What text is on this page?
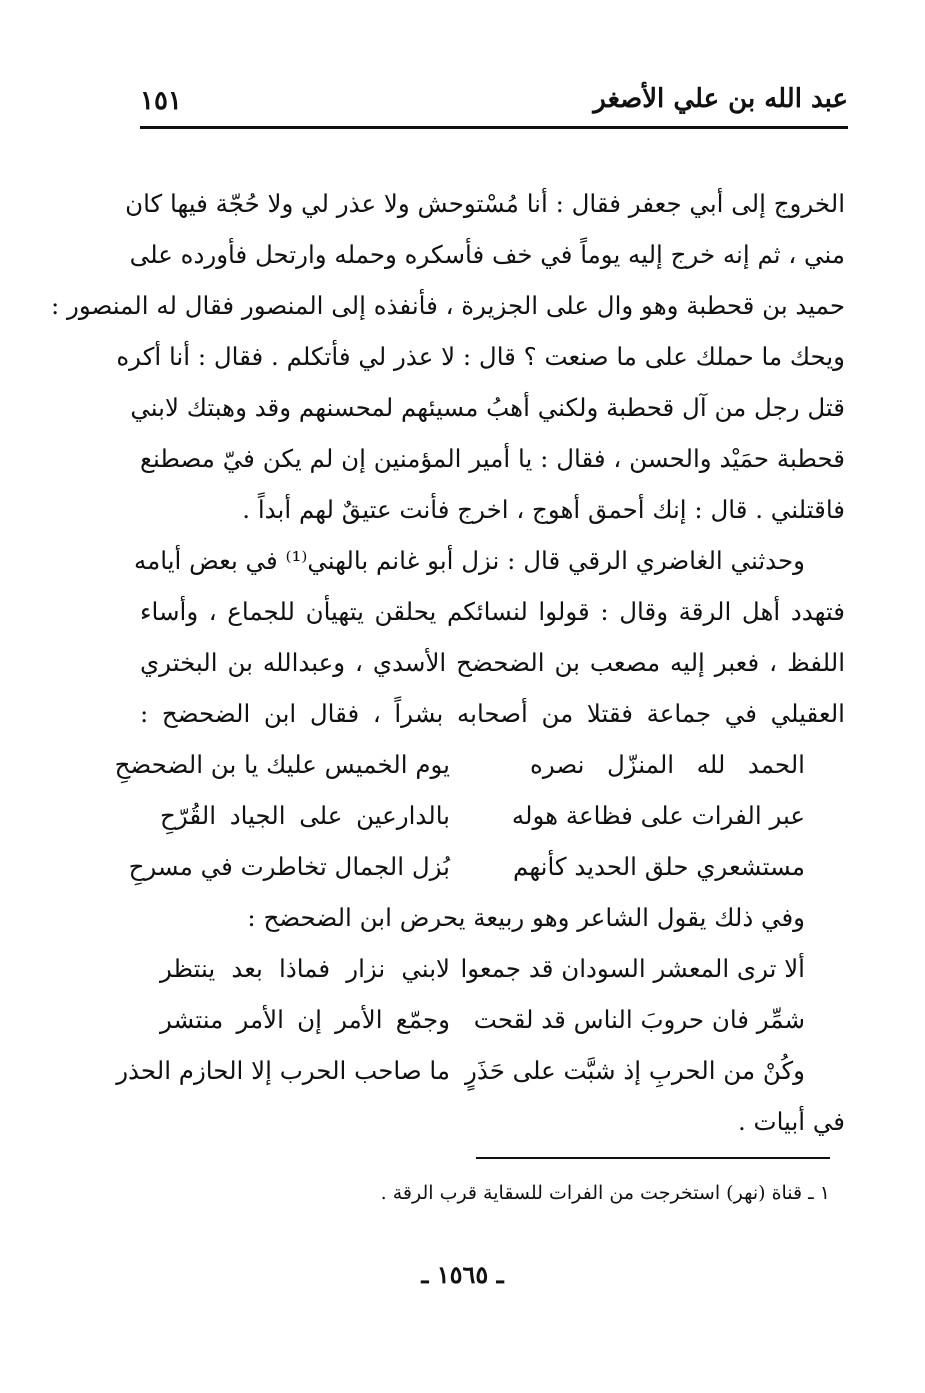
عبد الله بن علي الأصغر
١٥١
الخروج إلى أبي جعفر فقال : أنا مُسْتوحش ولا عذر لي ولا حُجّة فيها كان
مني ، ثم إنه خرج إليه يوماً في خف فأسكره وحمله وارتحل فأورده على
حميد بن قحطبة وهو وال على الجزيرة ، فأنفذه إلى المنصور فقال له المنصور :
ويحك ما حملك على ما صنعت ؟ قال : لا عذر لي فأتكلم . فقال : أنا أكره
قتل رجل من آل قحطبة ولكني أهبُ مسيئهم لمحسنهم وقد وهبتك لابني
قحطبة حمَيْد والحسن ، فقال : يا أمير المؤمنين إن لم يكن فيّ مصطنع
فاقتلني . قال : إنك أحمق أهوج ، اخرج فأنت عتيقٌ لهم أبداً .
وحدثني الغاضري الرقي قال : نزل أبو غانم بالهني⁽¹⁾ في بعض أيامه
فتهدد أهل الرقة وقال : قولوا لنسائكم يحلقن يتهيأن للجماع ، وأساء
اللفظ ، فعبر إليه مصعب بن الضحضح الأسدي ، وعبدالله بن البختري
العقيلي في جماعة فقتلا من أصحابه بشراً ، فقال ابن الضحضح :
يوم الخميس عليك يا بن الضحضحِ	الحمد لله المنزّل نصره
بالدارعين على الجياد القُرّحِ	عبر الفرات على فظاعة هوله
بُزل الجمال تخاطرت في مسرحِ	مستشعري حلق الحديد كأنهم
وفي ذلك يقول الشاعر وهو ربيعة يحرض ابن الضحضح :
ألا ترى المعشر السودان قد جمعوا
لابني نزار فماذا بعد ينتظر
شمِّر فان حروبَ الناس قد لقحت
وجمّع الأمر إن الأمر منتشر
وكُنْ من الحربِ إذ شبَّت على حَذَرٍ
ما صاحب الحرب إلا الحازم الحذر
في أبيات .
١ ـ قناة (نهر) استخرجت من الفرات للسقاية قرب الرقة .
ـ ١٥٦٥ ـ
